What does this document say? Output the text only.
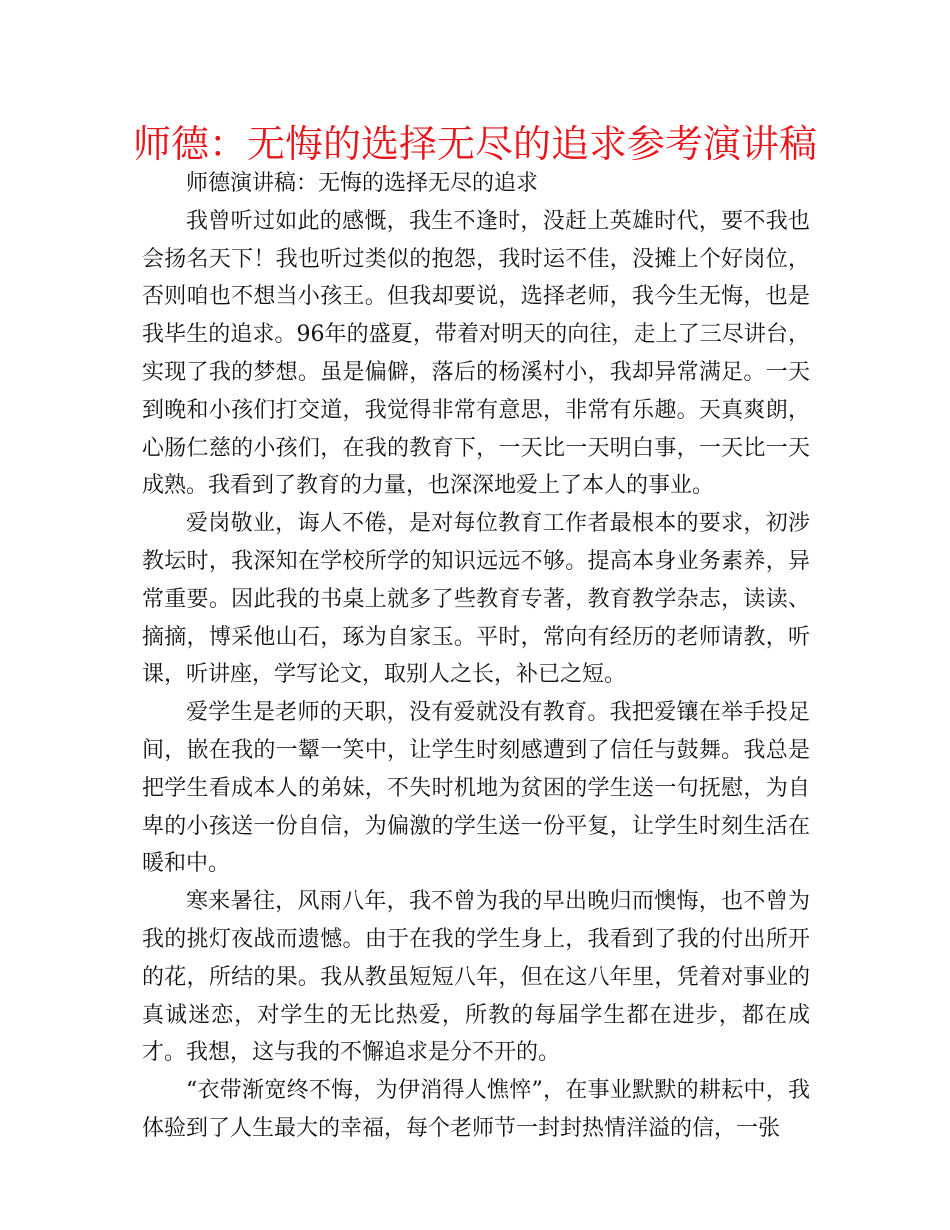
师德：无悔的选择无尽的追求参考演讲稿

师德演讲稿：无悔的选择无尽的追求

我曾听过如此的感慨，我生不逢时，没赶上英雄时代，要不我也会扬名天下！我也听过类似的抱怨，我时运不佳，没摊上个好岗位，否则咱也不想当小孩王。但我却要说，选择老师，我今生无悔，也是我毕生的追求。96年的盛夏，带着对明天的向往，走上了三尽讲台，实现了我的梦想。虽是偏僻，落后的杨溪村小，我却异常满足。一天到晚和小孩们打交道，我觉得非常有意思，非常有乐趣。天真爽朗，心肠仁慈的小孩们，在我的教育下，一天比一天明白事，一天比一天成熟。我看到了教育的力量，也深深地爱上了本人的事业。

爱岗敬业，诲人不倦，是对每位教育工作者最根本的要求，初涉教坛时，我深知在学校所学的知识远远不够。提高本身业务素养，异常重要。因此我的书桌上就多了些教育专著，教育教学杂志，读读、摘摘，博采他山石，琢为自家玉。平时，常向有经历的老师请教，听课，听讲座，学写论文，取别人之长，补已之短。

爱学生是老师的天职，没有爱就没有教育。我把爱镶在举手投足间，嵌在我的一颦一笑中，让学生时刻感遭到了信任与鼓舞。我总是把学生看成本人的弟妹，不失时机地为贫困的学生送一句抚慰，为自卑的小孩送一份自信，为偏激的学生送一份平复，让学生时刻生活在暖和中。

寒来暑往，风雨八年，我不曾为我的早出晚归而懊悔，也不曾为我的挑灯夜战而遗憾。由于在我的学生身上，我看到了我的付出所开的花，所结的果。我从教虽短短八年，但在这八年里，凭着对事业的真诚迷恋，对学生的无比热爱，所教的每届学生都在进步，都在成才。我想，这与我的不懈追求是分不开的。

“衣带渐宽终不悔，为伊消得人憔悴”，在事业默默的耕耘中，我体验到了人生最大的幸福，每个老师节一封封热情洋溢的信，一张
